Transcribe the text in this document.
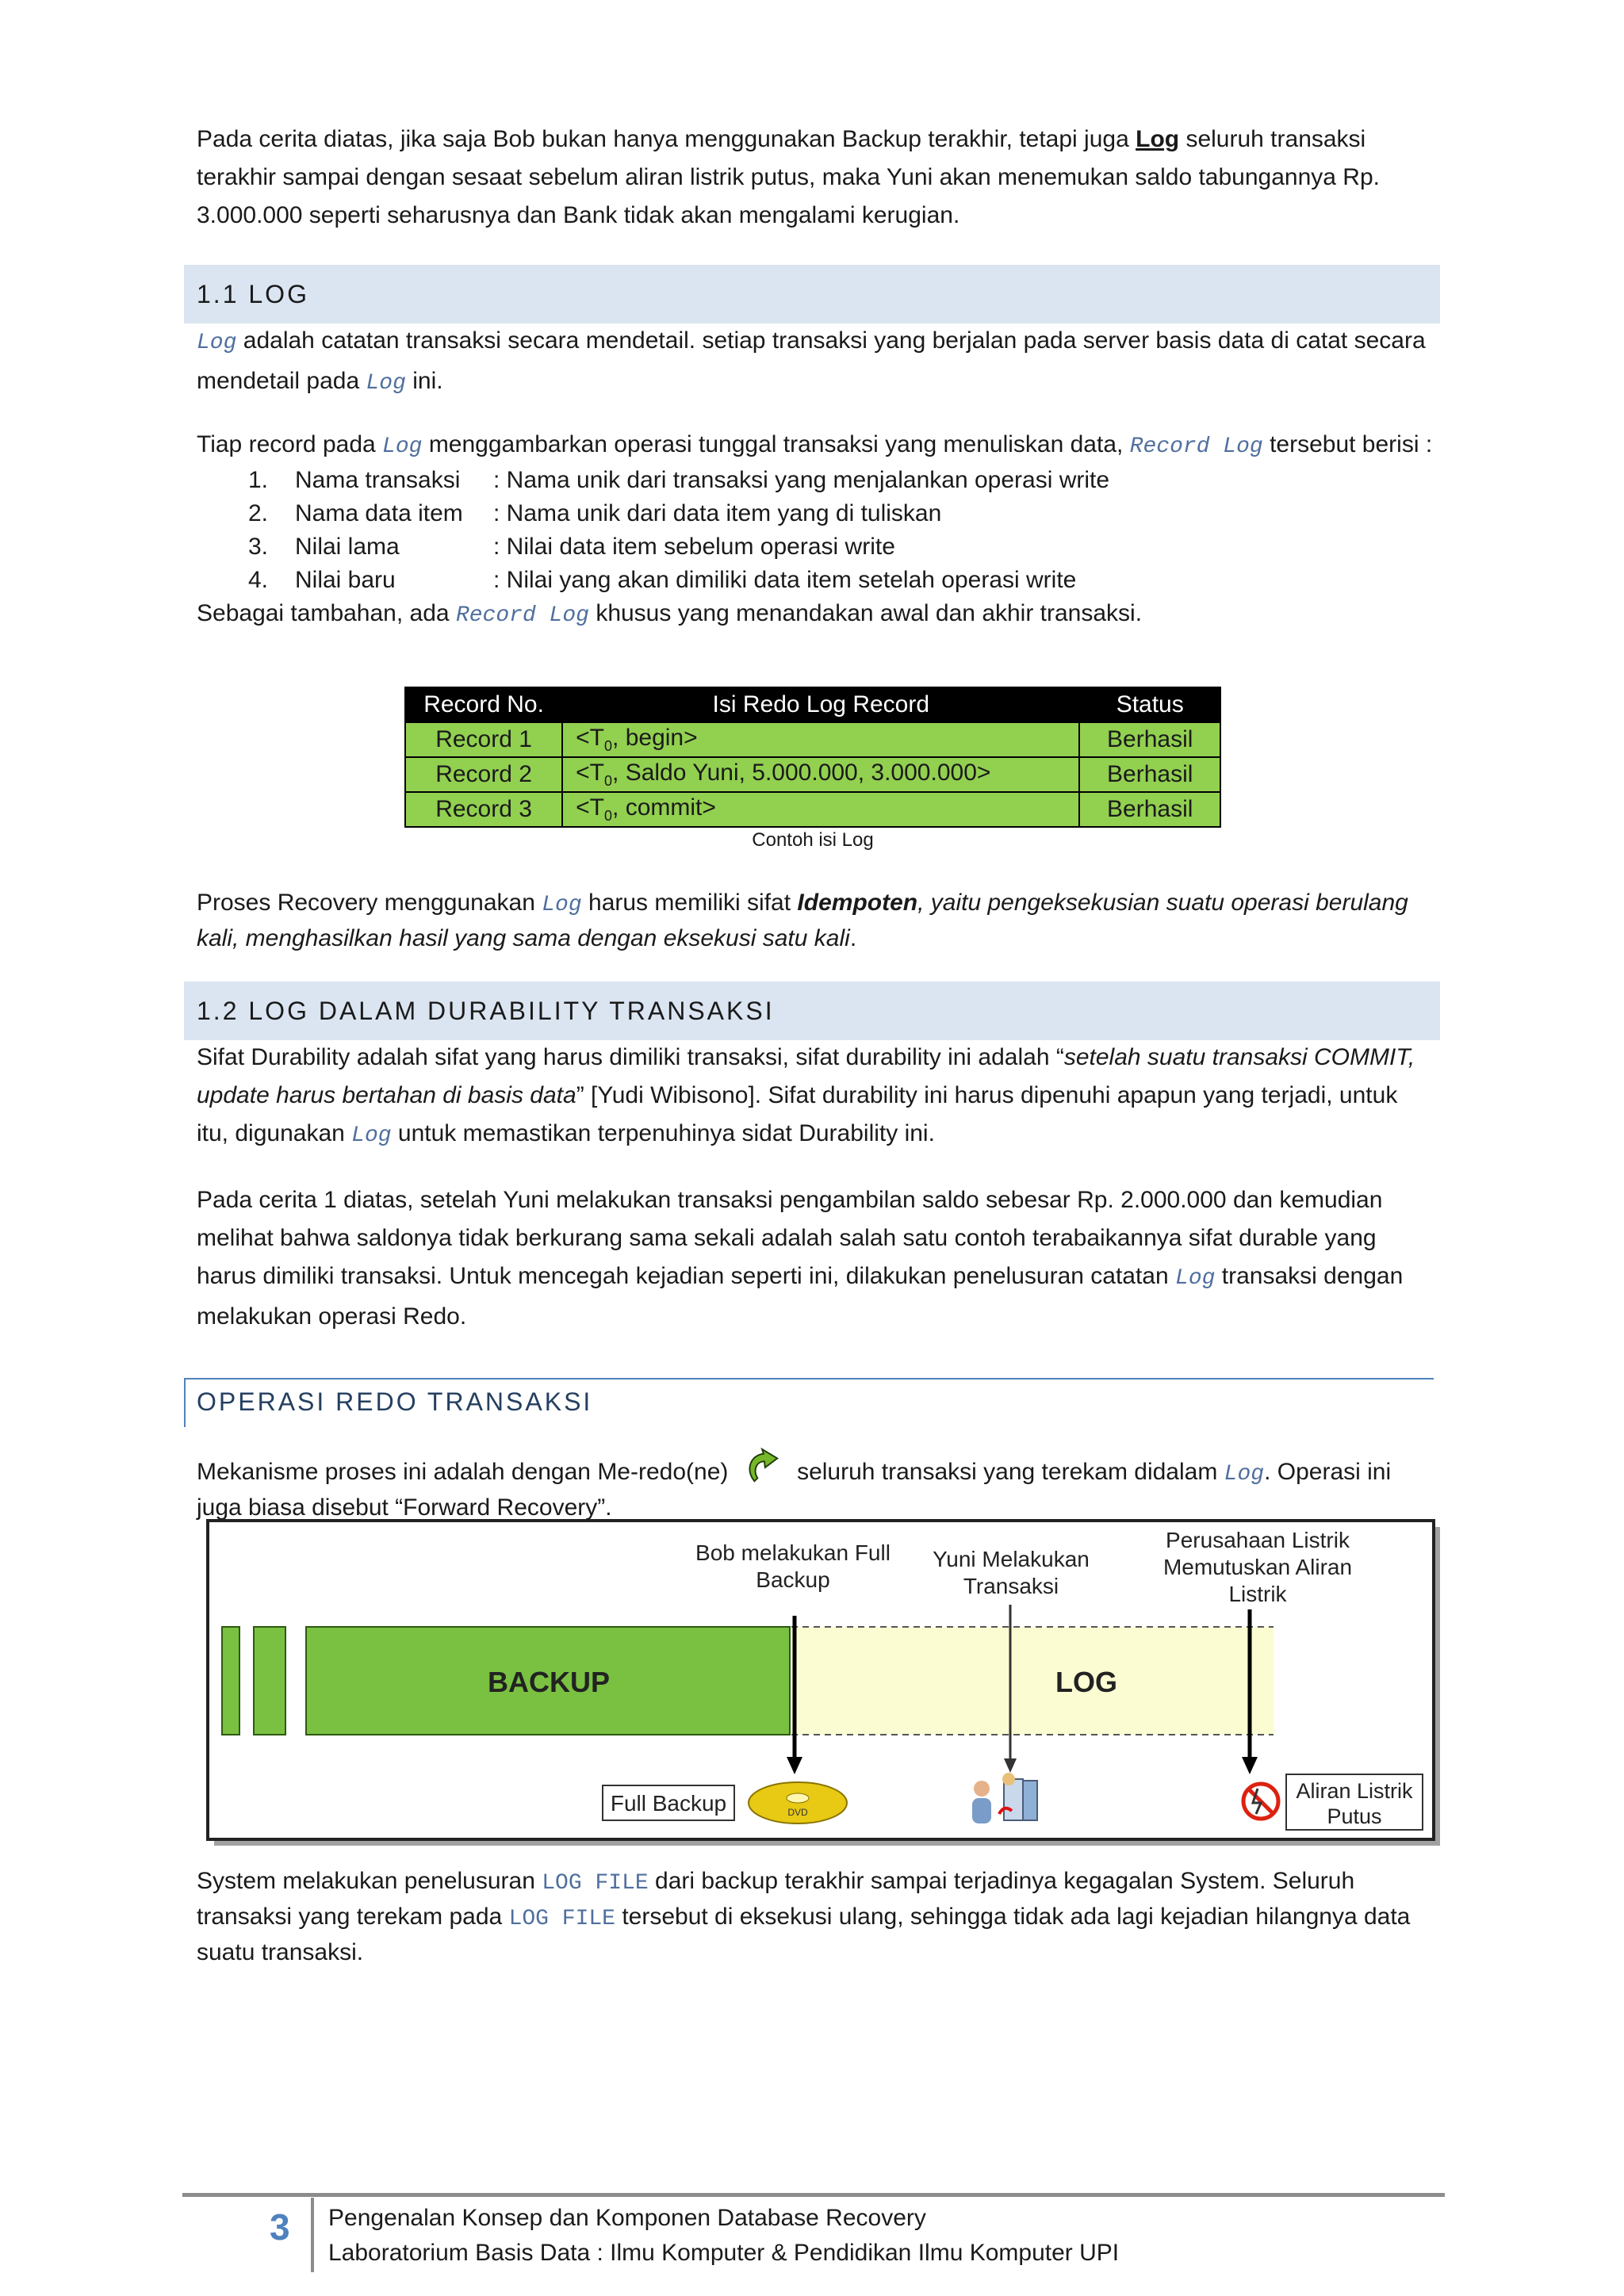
Pada cerita diatas, jika saja Bob bukan hanya menggunakan Backup terakhir, tetapi juga Log seluruh transaksi terakhir sampai dengan sesaat sebelum aliran listrik putus, maka Yuni akan menemukan saldo tabungannya Rp. 3.000.000 seperti seharusnya dan Bank tidak akan mengalami kerugian.
1.1 LOG
Log adalah catatan transaksi secara mendetail. setiap transaksi yang berjalan pada server basis data di catat secara mendetail pada Log ini.

Tiap record pada Log menggambarkan operasi tunggal transaksi yang menuliskan data, Record Log tersebut berisi :

1.	Nama transaksi	: Nama unik dari transaksi yang menjalankan operasi write
2.	Nama data item	: Nama unik dari data item yang di tuliskan
3.	Nilai lama	: Nilai data item sebelum operasi write
4.	Nilai baru	: Nilai yang akan dimiliki data item setelah operasi write

Sebagai tambahan, ada Record Log khusus yang menandakan awal dan akhir transaksi.

Record No.	Isi Redo Log Record	Status
Record 1	$<T_0$, begin>	Berhasil
Record 2	$<T_0$, Saldo Yuni, 5.000.000, 3.000.000>	Berhasil
Record 3	$<T_0$, commit>	Berhasil
Contoh isi Log
Proses Recovery menggunakan Log harus memiliki sifat Idempoten, yaitu pengeksekusian suatu operasi berulang kali, menghasilkan hasil yang sama dengan eksekusi satu kali.
1.2 LOG DALAM DURABILITY TRANSAKSI
Sifat Durability adalah sifat yang harus dimiliki transaksi, sifat durability ini adalah “setelah suatu transaksi COMMIT, update harus bertahan di basis data” [Yudi Wibisono]. Sifat durability ini harus dipenuhi apapun yang terjadi, untuk itu, digunakan Log untuk memastikan terpenuhinya sidat Durability ini.
Pada cerita 1 diatas, setelah Yuni melakukan transaksi pengambilan saldo sebesar Rp. 2.000.000 dan kemudian melihat bahwa saldonya tidak berkurang sama sekali adalah salah satu contoh terabaikannya sifat durable yang harus dimiliki transaksi. Untuk mencegah kejadian seperti ini, dilakukan penelusuran catatan Log transaksi dengan melakukan operasi Redo.
OPERASI REDO TRANSAKSI
Mekanisme proses ini adalah dengan Me-redo(ne)	seluruh transaksi yang terekam didalam Log. Operasi ini juga biasa disebut “Forward Recovery”.
BACKUP	LOG
Bob melakukan Full
Backup
Yuni Melakukan
Transaksi
Perusahaan Listrik
Memutuskan Aliran
Listrik
Full Backup	DVD
Aliran Listrik
Putus
System melakukan penelusuran LOG FILE dari backup terakhir sampai terjadinya kegagalan System. Seluruh transaksi yang terekam pada LOG FILE tersebut di eksekusi ulang, sehingga tidak ada lagi kejadian hilangnya data suatu transaksi.
3 Pengenalan Konsep dan Komponen Database Recovery
Laboratorium Basis Data : Ilmu Komputer & Pendidikan Ilmu Komputer UPI
